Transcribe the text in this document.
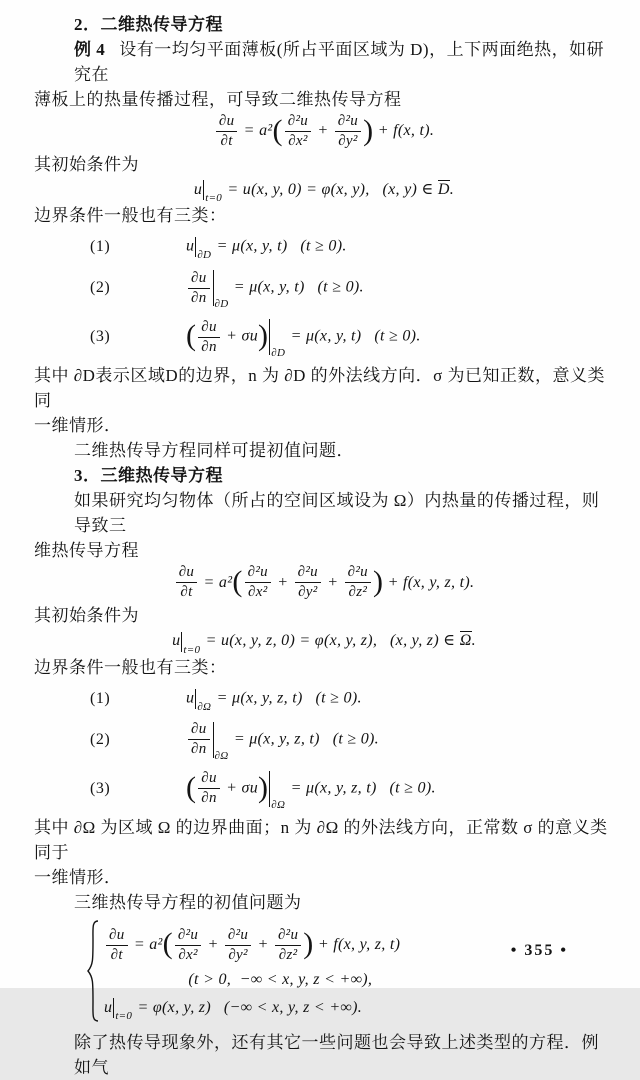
2．二维热传导方程

例 4 设有一均匀平面薄板(所占平面区域为 D)，上下两面绝热，如研究在

薄板上的热量传播过程，可导致二维热传导方程

$\frac{\partial u}{\partial t} = a^2( \frac{\text{∂²u}}{\text{∂x²}} + \frac{\text{∂²u}}{\text{∂y²}}$ ) + f(x, t).

其初始条件为

u
t=0
= u(x, y, 0) = φ(x, y),   (x, y) ∈ D.

边界条件一般也有三类：

(1)	u
∂D
= μ(x, y, t)   (t ≥ 0).
(2)	$\frac{\partial u}{\partial n} \partial D$
= μ(x, y, t)   (t ≥ 0).
(3)	( $\frac{\partial u}{\partial n} + \sigma u$)
∂D
= μ(x, y, t)   (t ≥ 0).

其中 ∂D表示区域D的边界，n 为 ∂D 的外法线方向．σ 为已知正数，意义类同

一维情形．

二维热传导方程同样可提初值问题．

3．三维热传导方程

如果研究均匀物体（所占的空间区域设为 Ω）内热量的传播过程，则导致三

维热传导方程

$\frac{\partial u}{\partial t} = a^2( \frac{\text{∂²u}}{\text{∂x²}} + \frac{\text{∂²u}}{\text{∂y²}} + \frac{\text{∂²u}}{\text{∂z²}}$ ) + f(x, y, z, t).

其初始条件为

u
t=0
= u(x, y, z, 0) = φ(x, y, z),   (x, y, z) ∈ Ω.

边界条件一般也有三类：

(1)	u
∂Ω
= μ(x, y, z, t)   (t ≥ 0).
(2)	$\frac{\partial u}{\partial n} \partial\Omega$
= μ(x, y, z, t)   (t ≥ 0).
(3)	( $\frac{\partial u}{\partial n} + \sigma u$)
∂Ω
= μ(x, y, z, t)   (t ≥ 0).

其中 ∂Ω 为区域 Ω 的边界曲面；n 为 ∂Ω 的外法线方向，正常数 σ 的意义类同于

一维情形．

三维热传导方程的初值问题为

$\frac{\partial u}{\partial t} = a^2$ ( $\frac{\text{∂²u}}{\text{∂x²}} + \frac{\text{∂²u}}{\text{∂y²}} + \frac{\text{∂²u}}{\text{∂z²}}$ ) + f(x, y, z, t)
(t > 0,  −∞ < x, y, z < +∞),
u t=0 = φ(x, y, z)   (−∞ < x, y, z < +∞).

除了热传导现象外，还有其它一些问题也会导致上述类型的方程．例如气

• 355 •
